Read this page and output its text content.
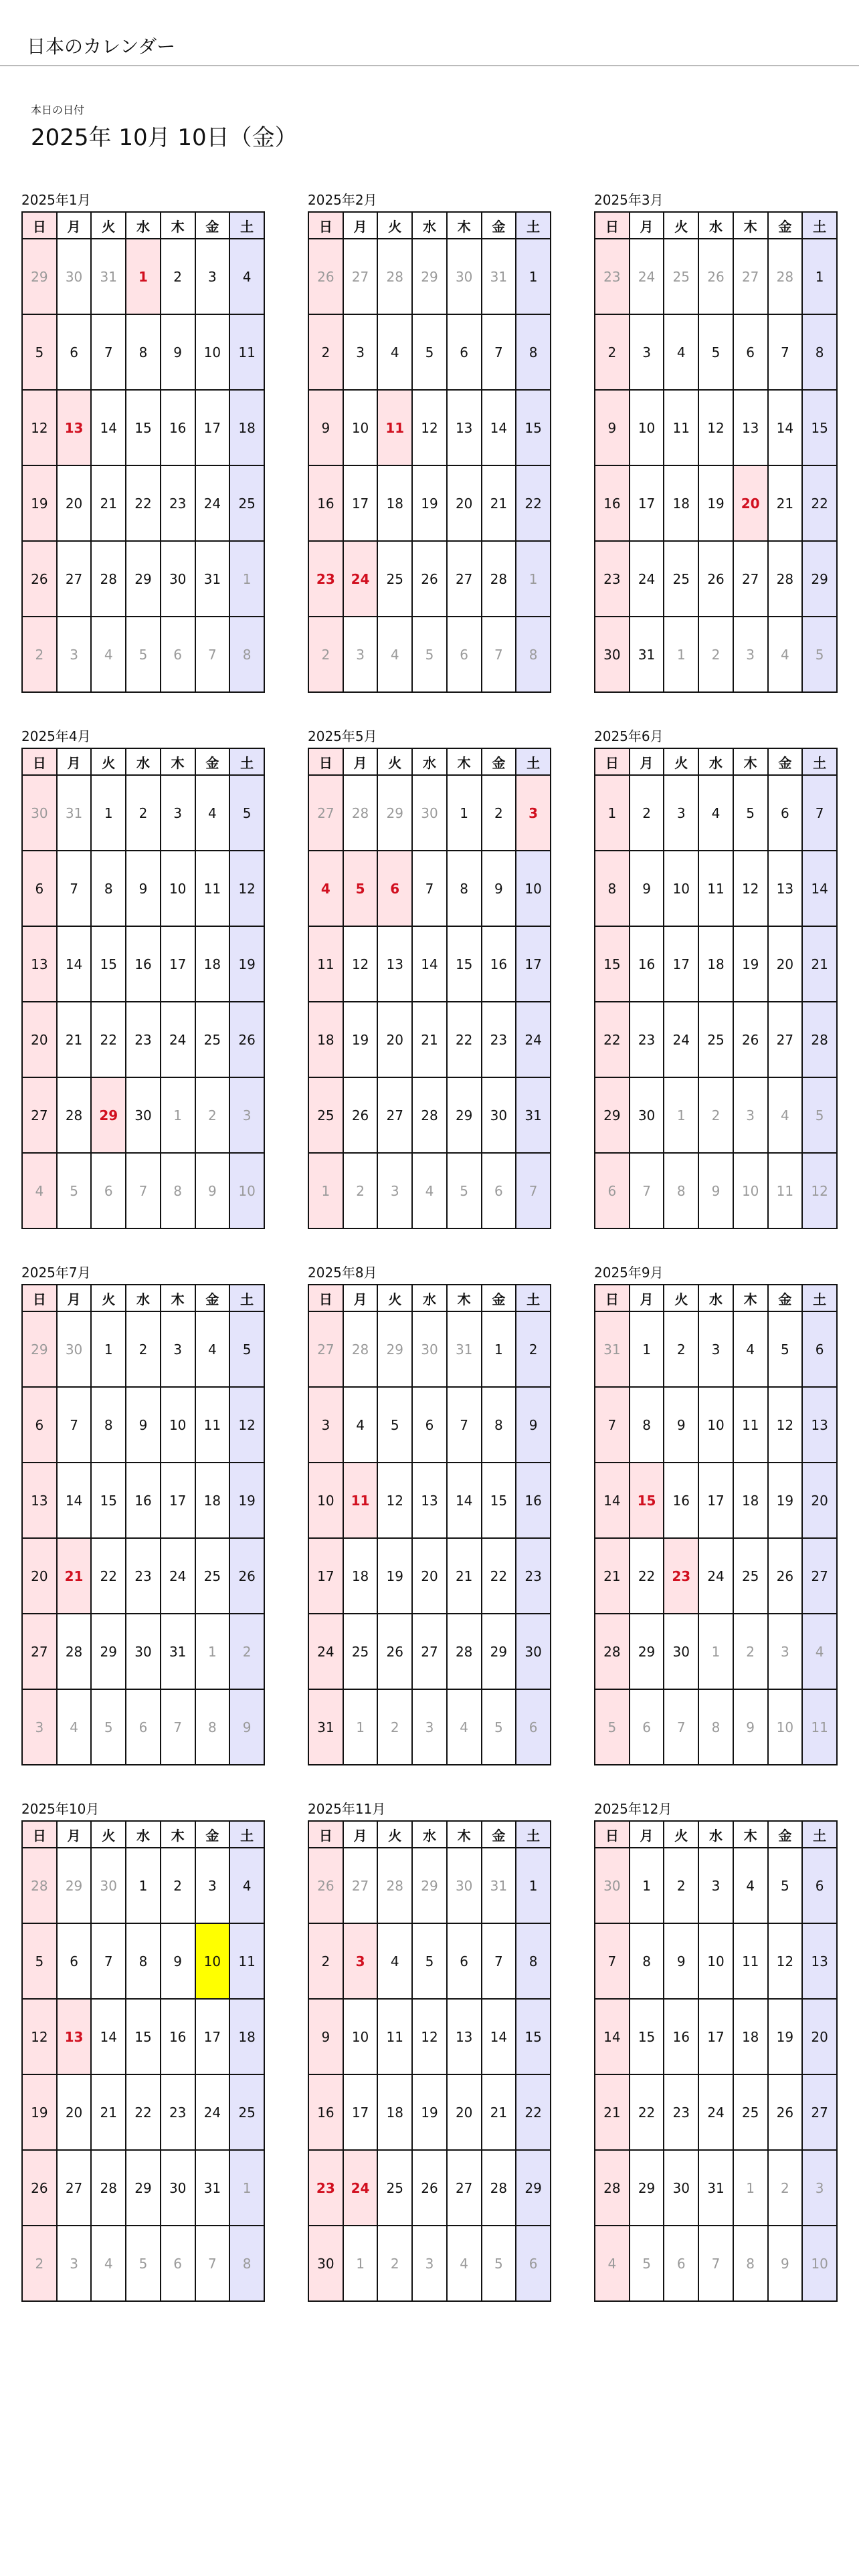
日本のカレンダー
本日の日付
2025年 10月 10日（金）
2025年1月
日	月	火	水	木	金	土
29	30	31	1	2	3	4
5	6	7	8	9	10	11
12	13	14	15	16	17	18
19	20	21	22	23	24	25
26	27	28	29	30	31	1
2	3	4	5	6	7	8
2025年2月
日	月	火	水	木	金	土
26	27	28	29	30	31	1
2	3	4	5	6	7	8
9	10	11	12	13	14	15
16	17	18	19	20	21	22
23	24	25	26	27	28	1
2	3	4	5	6	7	8
2025年3月
日	月	火	水	木	金	土
23	24	25	26	27	28	1
2	3	4	5	6	7	8
9	10	11	12	13	14	15
16	17	18	19	20	21	22
23	24	25	26	27	28	29
30	31	1	2	3	4	5
2025年4月
日	月	火	水	木	金	土
30	31	1	2	3	4	5
6	7	8	9	10	11	12
13	14	15	16	17	18	19
20	21	22	23	24	25	26
27	28	29	30	1	2	3
4	5	6	7	8	9	10
2025年5月
日	月	火	水	木	金	土
27	28	29	30	1	2	3
4	5	6	7	8	9	10
11	12	13	14	15	16	17
18	19	20	21	22	23	24
25	26	27	28	29	30	31
1	2	3	4	5	6	7
2025年6月
日	月	火	水	木	金	土
1	2	3	4	5	6	7
8	9	10	11	12	13	14
15	16	17	18	19	20	21
22	23	24	25	26	27	28
29	30	1	2	3	4	5
6	7	8	9	10	11	12
2025年7月
日	月	火	水	木	金	土
29	30	1	2	3	4	5
6	7	8	9	10	11	12
13	14	15	16	17	18	19
20	21	22	23	24	25	26
27	28	29	30	31	1	2
3	4	5	6	7	8	9
2025年8月
日	月	火	水	木	金	土
27	28	29	30	31	1	2
3	4	5	6	7	8	9
10	11	12	13	14	15	16
17	18	19	20	21	22	23
24	25	26	27	28	29	30
31	1	2	3	4	5	6
2025年9月
日	月	火	水	木	金	土
31	1	2	3	4	5	6
7	8	9	10	11	12	13
14	15	16	17	18	19	20
21	22	23	24	25	26	27
28	29	30	1	2	3	4
5	6	7	8	9	10	11
2025年10月
日	月	火	水	木	金	土
28	29	30	1	2	3	4
5	6	7	8	9	10	11
12	13	14	15	16	17	18
19	20	21	22	23	24	25
26	27	28	29	30	31	1
2	3	4	5	6	7	8
2025年11月
日	月	火	水	木	金	土
26	27	28	29	30	31	1
2	3	4	5	6	7	8
9	10	11	12	13	14	15
16	17	18	19	20	21	22
23	24	25	26	27	28	29
30	1	2	3	4	5	6
2025年12月
日	月	火	水	木	金	土
30	1	2	3	4	5	6
7	8	9	10	11	12	13
14	15	16	17	18	19	20
21	22	23	24	25	26	27
28	29	30	31	1	2	3
4	5	6	7	8	9	10
